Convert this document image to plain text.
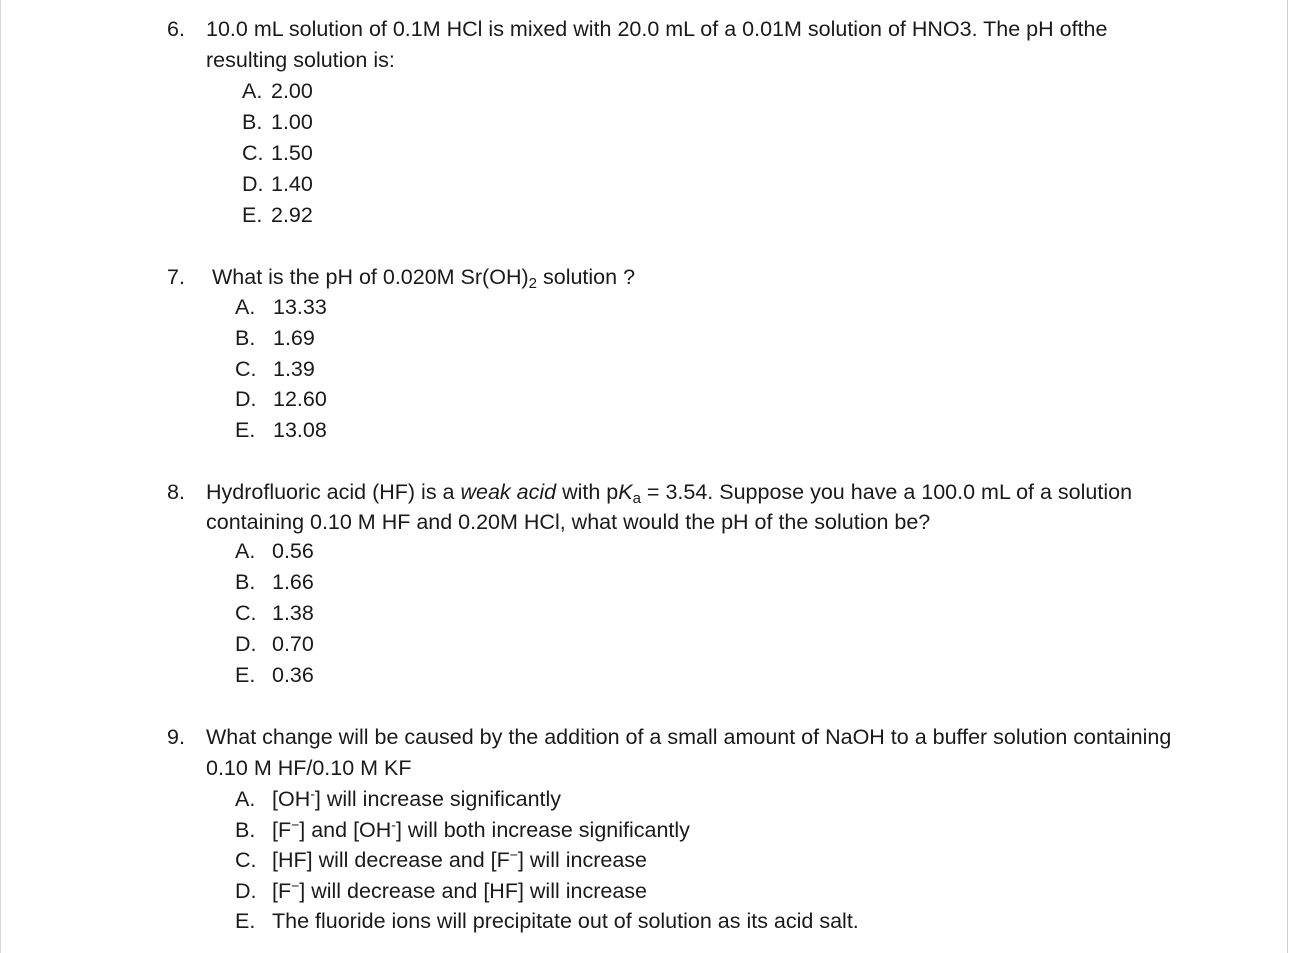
6. 10.0 mL solution of 0.1M HCl is mixed with 20.0 mL of a 0.01M solution of HNO3. The pH ofthe resulting solution is:
A. 2.00
B. 1.00
C. 1.50
D. 1.40
E. 2.92
7. What is the pH of 0.020M $Sr(OH)_2$ solution ?
A. 13.33
B. 1.69
C. 1.39
D. 12.60
E. 13.08
8. Hydrofluoric acid (HF) is a weak acid with $pK_a = 3.54$. Suppose you have a 100.0 mL of a solution containing 0.10 M HF and 0.20M HCl, what would the pH of the solution be?
A. 0.56
B. 1.66
C. 1.38
D. 0.70
E. 0.36
9. What change will be caused by the addition of a small amount of NaOH to a buffer solution containing 0.10 M HF/0.10 M KF
A. [OH-] will increase significantly
B. [F−] and [OH-] will both increase significantly
C. [HF] will decrease and [F−] will increase
D. [F−] will decrease and [HF] will increase
E. The fluoride ions will precipitate out of solution as its acid salt.
